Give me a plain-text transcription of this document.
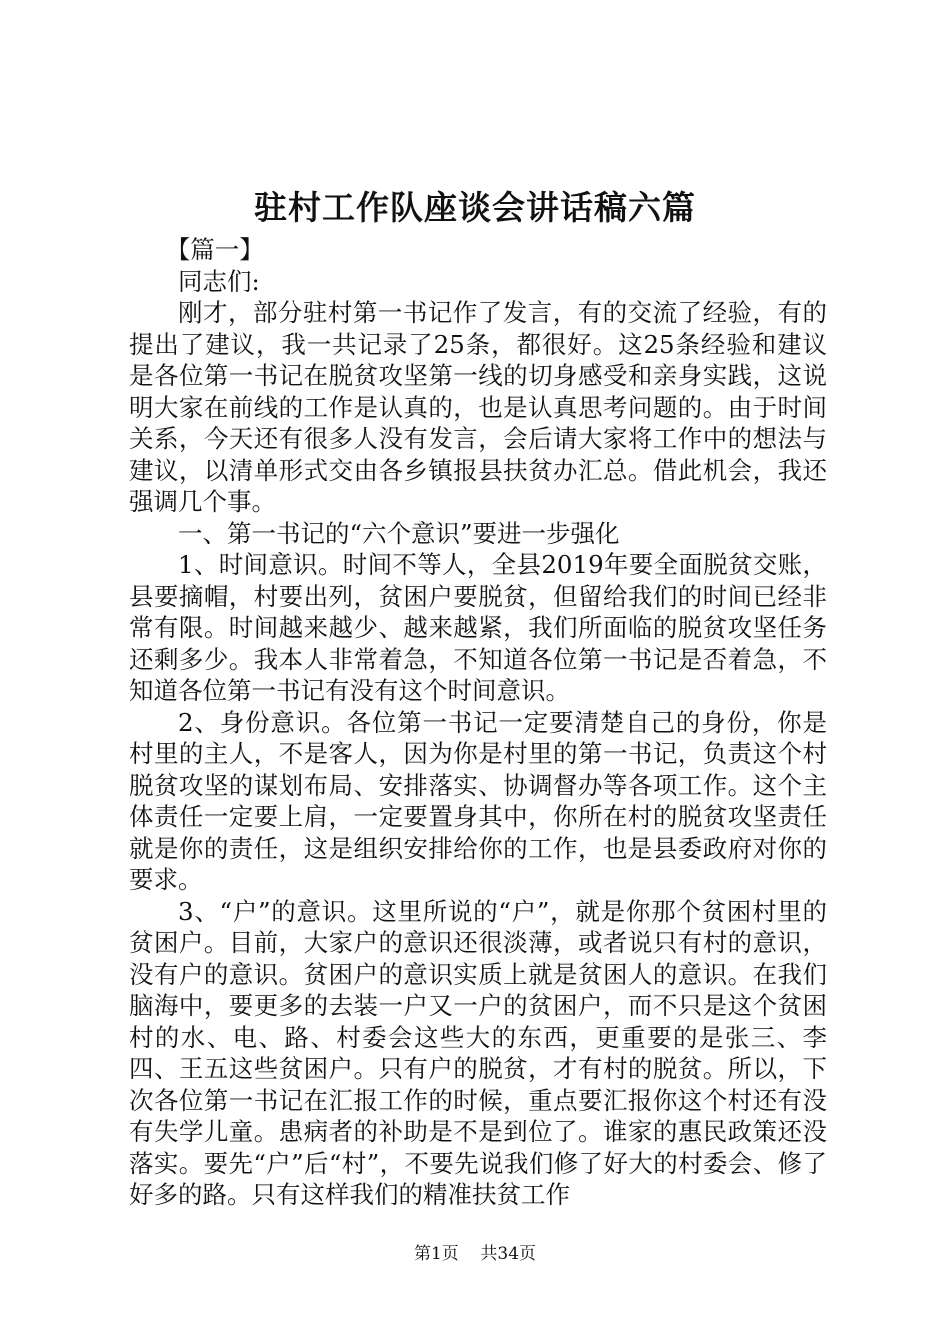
驻村工作队座谈会讲话稿六篇

【篇一】

同志们:

刚才，部分驻村第一书记作了发言，有的交流了经验，有的提出了建议，我一共记录了25条，都很好。这25条经验和建议是各位第一书记在脱贫攻坚第一线的切身感受和亲身实践，这说明大家在前线的工作是认真的，也是认真思考问题的。由于时间关系，今天还有很多人没有发言，会后请大家将工作中的想法与建议，以清单形式交由各乡镇报县扶贫办汇总。借此机会，我还强调几个事。

一、第一书记的“六个意识”要进一步强化

1、时间意识。时间不等人，全县2019年要全面脱贫交账，县要摘帽，村要出列，贫困户要脱贫，但留给我们的时间已经非常有限。时间越来越少、越来越紧，我们所面临的脱贫攻坚任务还剩多少。我本人非常着急，不知道各位第一书记是否着急，不知道各位第一书记有没有这个时间意识。

2、身份意识。各位第一书记一定要清楚自己的身份，你是村里的主人，不是客人，因为你是村里的第一书记，负责这个村脱贫攻坚的谋划布局、安排落实、协调督办等各项工作。这个主体责任一定要上肩，一定要置身其中，你所在村的脱贫攻坚责任就是你的责任，这是组织安排给你的工作，也是县委政府对你的要求。

3、“户”的意识。这里所说的“户”，就是你那个贫困村里的贫困户。目前，大家户的意识还很淡薄，或者说只有村的意识，没有户的意识。贫困户的意识实质上就是贫困人的意识。在我们脑海中，要更多的去装一户又一户的贫困户，而不只是这个贫困村的水、电、路、村委会这些大的东西，更重要的是张三、李四、王五这些贫困户。只有户的脱贫，才有村的脱贫。所以，下次各位第一书记在汇报工作的时候，重点要汇报你这个村还有没有失学儿童。患病者的补助是不是到位了。谁家的惠民政策还没落实。要先“户”后“村”，不要先说我们修了好大的村委会、修了好多的路。只有这样我们的精准扶贫工作

第1页 共34页
